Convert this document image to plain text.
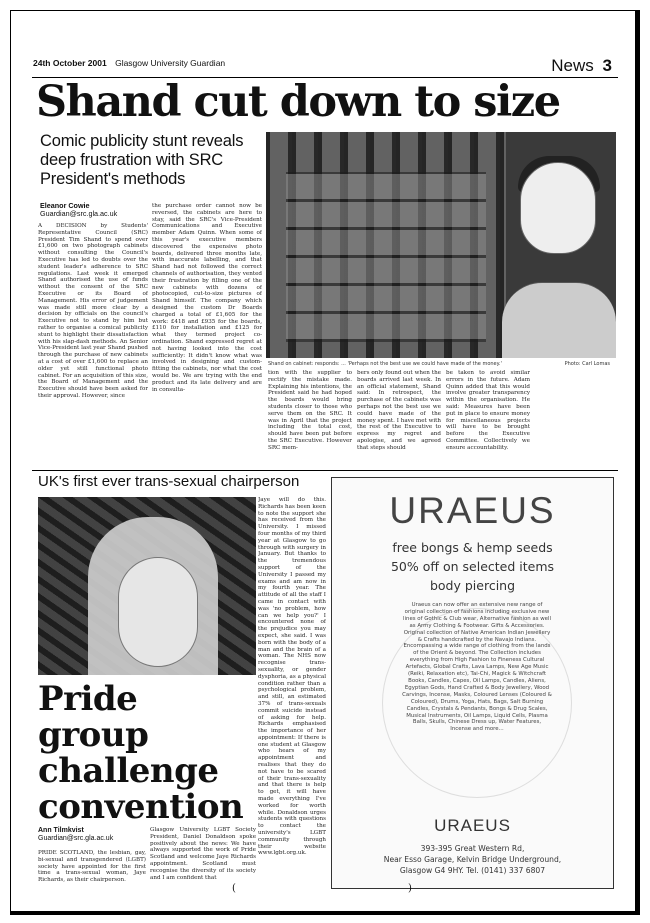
24th October 2001 Glasgow University Guardian	News 3
Shand cut down to size
Comic publicity stunt reveals deep frustration with SRC President's methods
Eleanor Cowie
Guardian@src.gla.ac.uk

A DECISION by Students' Representative Council (SRC) President Tim Shand to spend over £1,600 on two photograph cabinets without consulting the Council's Executive has led to doubts over the student leader's adherence to SRC regulations. Last week it emerged Shand authorised the use of funds without the consent of the SRC Executive or its Board of Management. His error of judgement was made still more clear by a decision by officials on the council's Executive not to stand by him but rather to organise a comical publicity stunt to highlight their dissatisfaction with his slap-dash methods. An Senior Vice-President last year Shand pushed through the purchase of new cabinets at a cost of over £1,600 to replace an older yet still functional photo cabinet. For an acquisition of this size, the Board of Management and the Executive should have been asked for their approval. However, since

the purchase order cannot now be reversed, the cabinets are here to stay, said the SRC's Vice-President Communications and Executive member Adam Quinn. When some of this year's executive members discovered the expensive photo boards, delivered three months late, with inaccurate labelling, and that Shand had not followed the correct channels of authorisation, they vented their frustration by filling one of the new cabinets with dozens of photocopied, cut-to-size pictures of Shand himself. The company which designed the custom Dr Boards charged a total of £1,605 for the work: £418 and £935 for the boards, £110 for installation and £125 for what they termed project co-ordination. Shand expressed regret at not having looked into the cost sufficiently: It didn't know what was involved in designing and custom-fitting the cabinets, nor what the cost would be. We are trying with the end product and its late delivery and are in consulta-

Shand on cabinet: responds: ... 'Perhaps not the best use we could have made of the money.'	Photo: Carl Lomas

tion with the supplier to rectify the mistake made. Explaining his intentions, the President said he had hoped the boards would bring students closer to those who serve them on the SRC. It was in April that the project including the total cost, should have been put before the SRC Executive. However SRC mem-

bers only found out when the boards arrived last week. In an official statement, Shand said: In retrospect, the purchase of the cabinets was perhaps not the best use we could have made of the money spent. I have met with the rest of the Executive to express my regret and apologise, and we agreed that steps should

be taken to avoid similar errors in the future. Adam Quinn added that this would involve greater transparency within the organisation. He said: Measures have been put in place to ensure money for miscellaneous projects will have to be brought before the Executive Committee. Collectively we ensure accountability.

UK's first ever trans-sexual chairperson

Jaye will do this. Richards has been keen to note the support she has received from the University. I missed four months of my third year at Glasgow to go through with surgery in January. But thanks to the tremendous support of the University I passed my exams and am now in my fourth year. The attitude of all the staff I came in contact with was 'no problem, how can we help you?' I encountered none of the prejudice you may expect, she said. I was born with the body of a man and the brain of a woman. The NHS now recognise trans-sexuality, or gender dysphoria, as a physical condition rather than a psychological problem, and still, an estimated 37% of trans-sexuals commit suicide instead of asking for help. Richards emphasised the importance of her appointment: If there is one student at Glasgow who hears of my appointment and realises that they do not have to be scared of their trans-sexuality and that there is help to get, it will have made everything I've worked for worth while. Donaldson urges students with questions to contact the university's LGBT community through their website www.lgbt.org.uk.

Pride group
challenge
convention
Ann Tilmkvist
Guardian@src.gla.ac.uk

PRIDE SCOTLAND, the lesbian, gay, bi-sexual and transgendered (LGBT) society have appointed for the first time a trans-sexual woman, Jaye Richards, as their chairperson.

Glasgow University LGBT Society President, Daniel Donaldson spoke positively about the news: We have always supported the work of Pride Scotland and welcome Jaye Richards appointment. Scotland must recognise the diversity of its society and I am confident that

URAEUS
free bongs & hemp seeds
50% off on selected items
body piercing
Uraeus can now offer an extensive new range of original collection of fashions including exclusive new lines of Gothic & Club wear, Alternative fashion as well as Army Clothing & Footwear. Gifts & Accessories. Original collection of Native American Indian Jewellery & Crafts handcrafted by the Navajo Indians. Encompassing a wide range of clothing from the lands of the Orient & beyond. The Collection includes everything from High Fashion to Fineness Cultural Artefacts, Global Crafts, Lava Lamps, New Age Music (Reiki, Relaxation etc), Tai-Chi, Magick & Witchcraft Books, Candles, Capes, Oil Lamps, Candles, Aliens, Egyptian Gods, Hand Crafted & Body Jewellery, Wood Carvings, Incense, Masks, Coloured Lenses (Coloured & Coloured), Drums, Yoga, Hats, Bags, Salt Burning Candles, Crystals & Pendants, Bongs & Drug Scales, Musical Instruments, Oil Lamps, Liquid Cells, Plasma Balls, Skulls, Chinese Dress up, Water Features, Incense and more...
URAEUS
393-395 Great Western Rd,
Near Esso Garage, Kelvin Bridge Underground,
Glasgow G4 9HY. Tel. (0141) 337 6807
(	)
